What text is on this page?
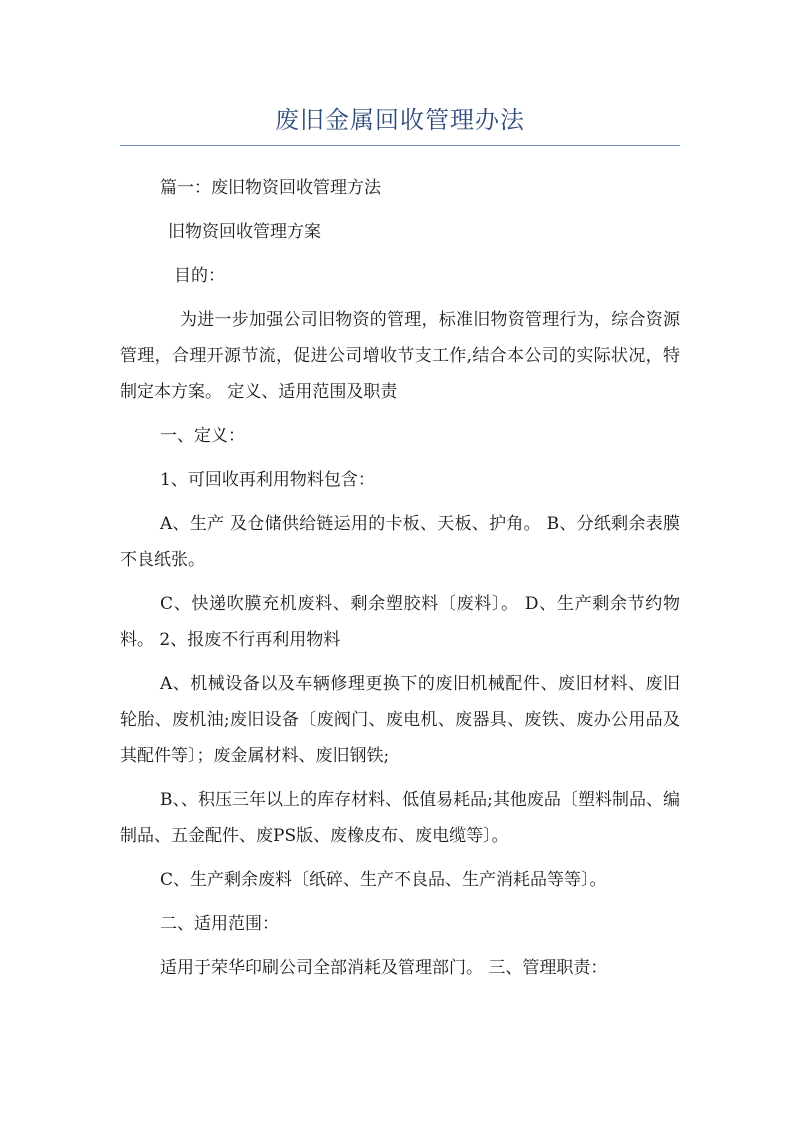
废旧金属回收管理办法

篇一：废旧物资回收管理方法

旧物资回收管理方案

目的：

为进一步加强公司旧物资的管理，标准旧物资管理行为，综合资源管理，合理开源节流，促进公司增收节支工作,结合本公司的实际状况，特制定本方案。 定义、适用范围及职责

一、定义：

1、可回收再利用物料包含：

A、生产 及仓储供给链运用的卡板、天板、护角。 B、分纸剩余表膜不良纸张。

C、快递吹膜充机废料、剩余塑胶料〔废料〕。 D、生产剩余节约物料。 2、报废不行再利用物料

A、机械设备以及车辆修理更换下的废旧机械配件、废旧材料、废旧轮胎、废机油;废旧设备〔废阀门、废电机、废器具、废铁、废办公用品及其配件等〕；废金属材料、废旧钢铁;

B、、积压三年以上的库存材料、低值易耗品;其他废品〔塑料制品、编制品、五金配件、废PS版、废橡皮布、废电缆等〕。

C、生产剩余废料〔纸碎、生产不良品、生产消耗品等等〕。

二、适用范围：

适用于荣华印刷公司全部消耗及管理部门。 三、管理职责：
